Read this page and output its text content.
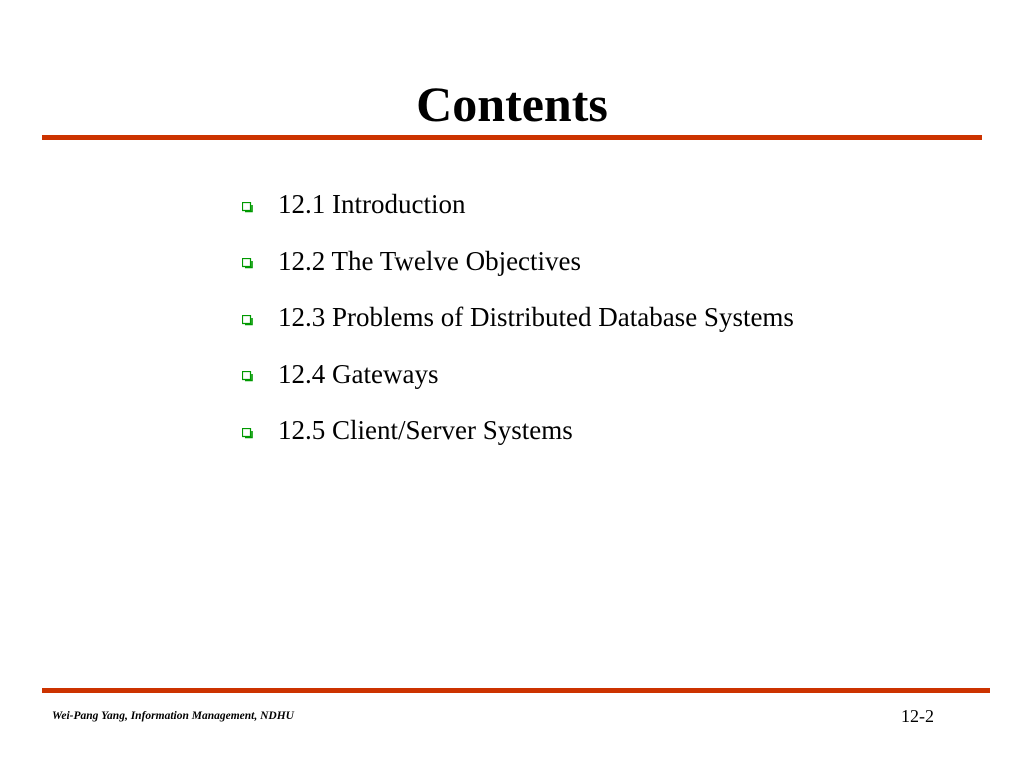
Contents
12.1 Introduction
12.2 The Twelve Objectives
12.3 Problems of Distributed Database Systems
12.4 Gateways
12.5 Client/Server Systems
Wei-Pang Yang, Information Management, NDHU	12-2
